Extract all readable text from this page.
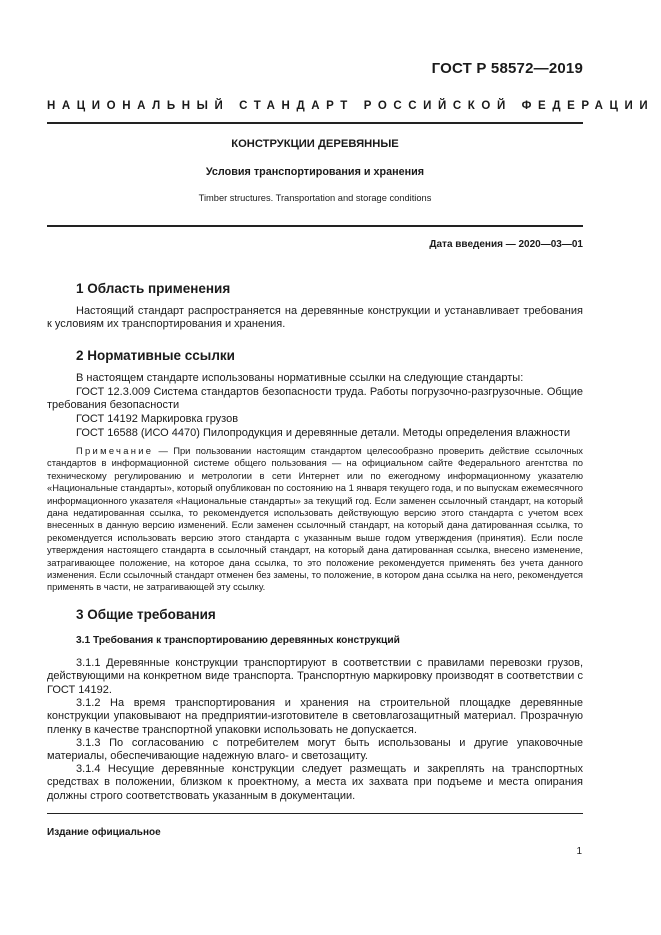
ГОСТ Р 58572—2019
НАЦИОНАЛЬНЫЙ СТАНДАРТ РОССИЙСКОЙ ФЕДЕРАЦИИ
КОНСТРУКЦИИ ДЕРЕВЯННЫЕ
Условия транспортирования и хранения
Timber structures. Transportation and storage conditions
Дата введения — 2020—03—01
1 Область применения

Настоящий стандарт распространяется на деревянные конструкции и устанавливает требования к условиям их транспортирования и хранения.

2 Нормативные ссылки
В настоящем стандарте использованы нормативные ссылки на следующие стандарты:

ГОСТ 12.3.009 Система стандартов безопасности труда. Работы погрузочно-разгрузочные. Общие требования безопасности

ГОСТ 14192 Маркировка грузов
ГОСТ 16588 (ИСО 4470) Пилопродукция и деревянные детали. Методы определения влажности

Примечание — При пользовании настоящим стандартом целесообразно проверить действие ссылочных стандартов в информационной системе общего пользования — на официальном сайте Федерального агентства по техническому регулированию и метрологии в сети Интернет или по ежегодному информационному указателю «Национальные стандарты», который опубликован по состоянию на 1 января текущего года, и по выпускам ежемесячного информационного указателя «Национальные стандарты» за текущий год. Если заменен ссылочный стандарт, на который дана недатированная ссылка, то рекомендуется использовать действующую версию этого стандарта с учетом всех внесенных в данную версию изменений. Если заменен ссылочный стандарт, на который дана датированная ссылка, то рекомендуется использовать версию этого стандарта с указанным выше годом утверждения (принятия). Если после утверждения настоящего стандарта в ссылочный стандарт, на который дана датированная ссылка, внесено изменение, затрагивающее положение, на которое дана ссылка, то это положение рекомендуется применять без учета данного изменения. Если ссылочный стандарт отменен без замены, то положение, в котором дана ссылка на него, рекомендуется применять в части, не затрагивающей эту ссылку.

3 Общие требования
3.1 Требования к транспортированию деревянных конструкций

3.1.1 Деревянные конструкции транспортируют в соответствии с правилами перевозки грузов, действующими на конкретном виде транспорта. Транспортную маркировку производят в соответствии с ГОСТ 14192.

3.1.2 На время транспортирования и хранения на строительной площадке деревянные конструкции упаковывают на предприятии-изготовителе в световлагозащитный материал. Прозрачную пленку в качестве транспортной упаковки использовать не допускается.

3.1.3 По согласованию с потребителем могут быть использованы и другие упаковочные материалы, обеспечивающие надежную влаго- и светозащиту.

3.1.4 Несущие деревянные конструкции следует размещать и закреплять на транспортных средствах в положении, близком к проектному, а места их захвата при подъеме и места опирания должны строго соответствовать указанным в документации.

Издание официальное
1
